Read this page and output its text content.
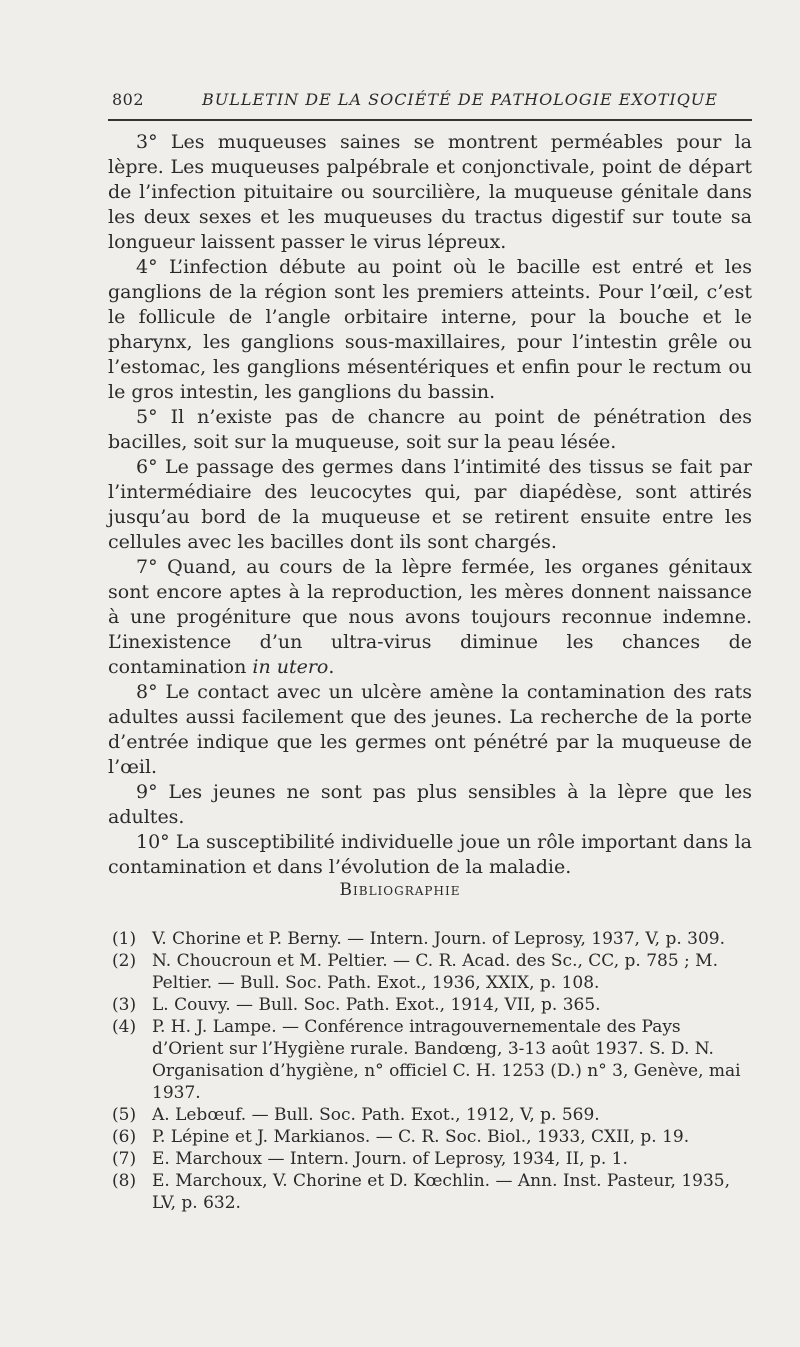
802	BULLETIN DE LA SOCIÉTÉ DE PATHOLOGIE EXOTIQUE

3° Les muqueuses saines se montrent perméables pour la lèpre. Les muqueuses palpébrale et conjonctivale, point de départ de l’infection pituitaire ou sourcilière, la muqueuse génitale dans les deux sexes et les muqueuses du tractus digestif sur toute sa longueur laissent passer le virus lépreux.

4° L’infection débute au point où le bacille est entré et les ganglions de la région sont les premiers atteints. Pour l’œil, c’est le follicule de l’angle orbitaire interne, pour la bouche et le pharynx, les ganglions sous-maxillaires, pour l’intestin grêle ou l’estomac, les ganglions mésentériques et enfin pour le rectum ou le gros intestin, les ganglions du bassin.

5° Il n’existe pas de chancre au point de pénétration des bacilles, soit sur la muqueuse, soit sur la peau lésée.

6° Le passage des germes dans l’intimité des tissus se fait par l’intermédiaire des leucocytes qui, par diapédèse, sont attirés jusqu’au bord de la muqueuse et se retirent ensuite entre les cellules avec les bacilles dont ils sont chargés.

7° Quand, au cours de la lèpre fermée, les organes génitaux sont encore aptes à la reproduction, les mères donnent naissance à une progéniture que nous avons toujours reconnue indemne. L’inexistence d’un ultra-virus diminue les chances de contamination in utero.

8° Le contact avec un ulcère amène la contamination des rats adultes aussi facilement que des jeunes. La recherche de la porte d’entrée indique que les germes ont pénétré par la muqueuse de l’œil.

9° Les jeunes ne sont pas plus sensibles à la lèpre que les adultes.

10° La susceptibilité individuelle joue un rôle important dans la contamination et dans l’évolution de la maladie.

Bibliographie
(1) V. Chorine et P. Berny. — Intern. Journ. of Leprosy, 1937, V, p. 309.
(2) N. Choucroun et M. Peltier. — C. R. Acad. des Sc., CC, p. 785 ; M. Peltier. — Bull. Soc. Path. Exot., 1936, XXIX, p. 108.
(3) L. Couvy. — Bull. Soc. Path. Exot., 1914, VII, p. 365.
(4) P. H. J. Lampe. — Conférence intragouvernementale des Pays d’Orient sur l’Hygiène rurale. Bandœng, 3-13 août 1937. S. D. N. Organisation d’hygiène, n° officiel C. H. 1253 (D.) n° 3, Genève, mai 1937.
(5) A. Lebœuf. — Bull. Soc. Path. Exot., 1912, V, p. 569.
(6) P. Lépine et J. Markianos. — C. R. Soc. Biol., 1933, CXII, p. 19.
(7) E. Marchoux — Intern. Journ. of Leprosy, 1934, II, p. 1.
(8) E. Marchoux, V. Chorine et D. Kœchlin. — Ann. Inst. Pasteur, 1935, LV, p. 632.
